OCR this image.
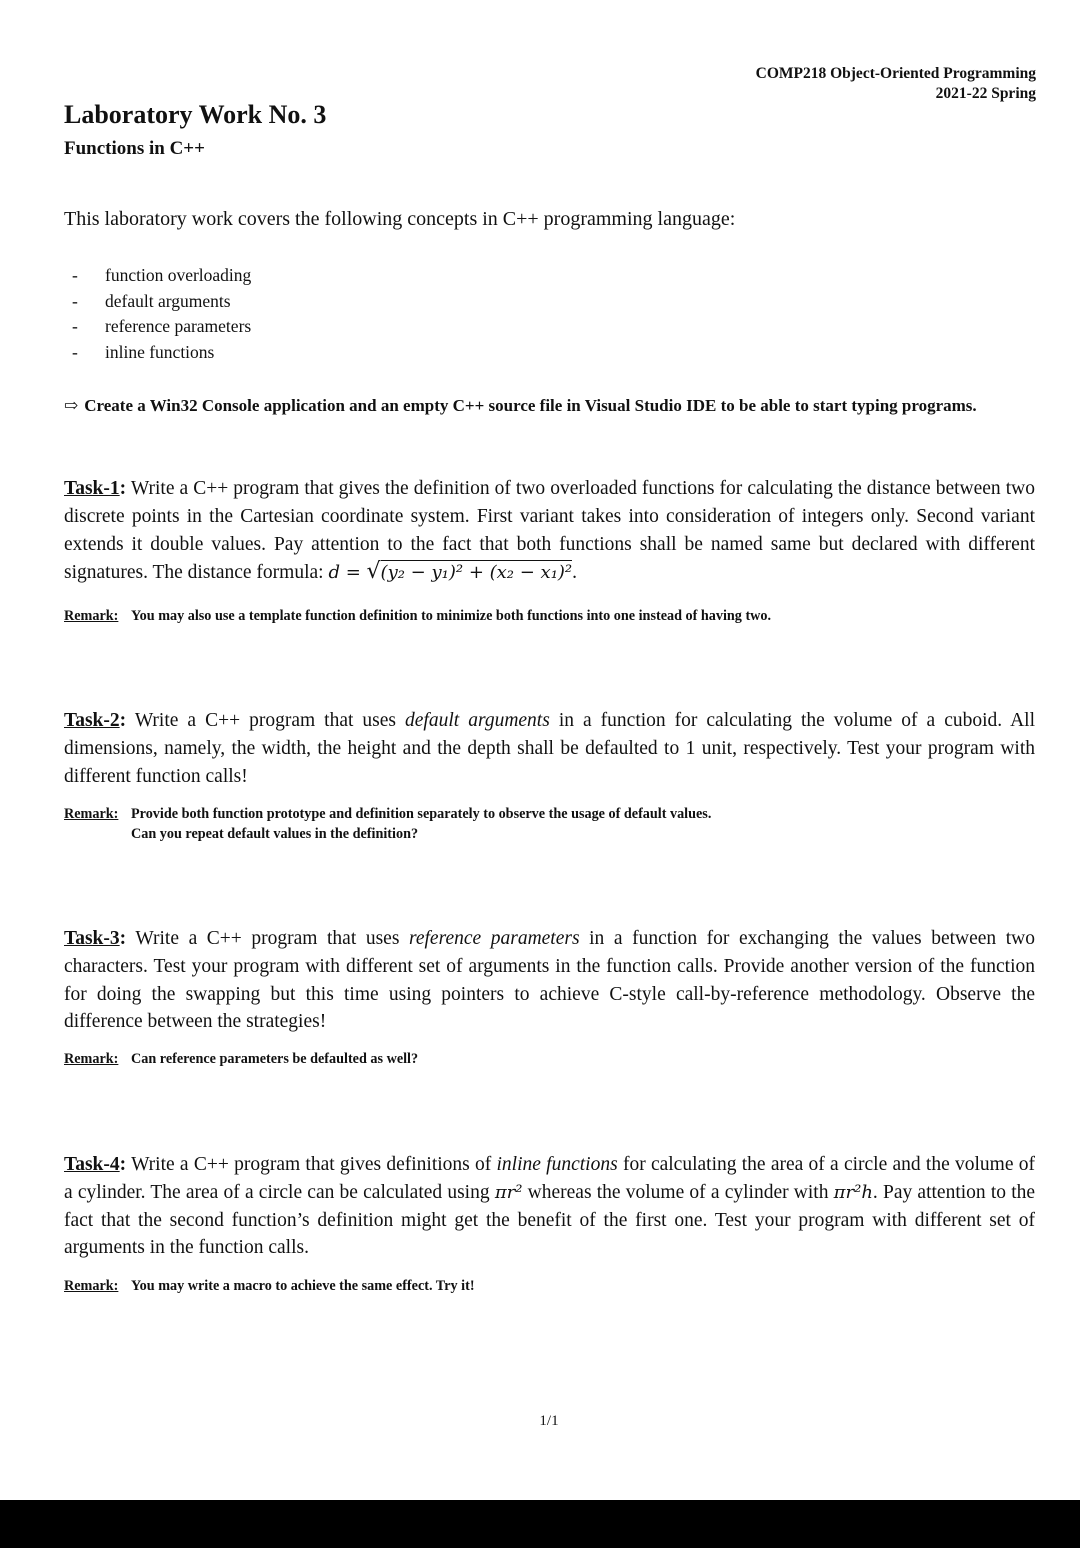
COMP218 Object-Oriented Programming
2021-22 Spring
Laboratory Work No. 3
Functions in C++

This laboratory work covers the following concepts in C++ programming language:

- function overloading
- default arguments
- reference parameters
- inline functions

⇨ Create a Win32 Console application and an empty C++ source file in Visual Studio IDE to be able to start typing programs.

Task-1: Write a C++ program that gives the definition of two overloaded functions for calculating the distance between two discrete points in the Cartesian coordinate system. First variant takes into consideration of integers only. Second variant extends it double values. Pay attention to the fact that both functions shall be named same but declared with different signatures. The distance formula: d = √(y₂ − y₁)² + (x₂ − x₁)².

Remark: You may also use a template function definition to minimize both functions into one instead of having two.

Task-2: Write a C++ program that uses default arguments in a function for calculating the volume of a cuboid. All dimensions, namely, the width, the height and the depth shall be defaulted to 1 unit, respectively. Test your program with different function calls!

Remark: Provide both function prototype and definition separately to observe the usage of default values.
Can you repeat default values in the definition?

Task-3: Write a C++ program that uses reference parameters in a function for exchanging the values between two characters. Test your program with different set of arguments in the function calls. Provide another version of the function for doing the swapping but this time using pointers to achieve C-style call-by-reference methodology. Observe the difference between the strategies!

Remark: Can reference parameters be defaulted as well?

Task-4: Write a C++ program that gives definitions of inline functions for calculating the area of a circle and the volume of a cylinder. The area of a circle can be calculated using πr² whereas the volume of a cylinder with πr²h. Pay attention to the fact that the second function’s definition might get the benefit of the first one. Test your program with different set of arguments in the function calls.

Remark: You may write a macro to achieve the same effect. Try it!

1/1
